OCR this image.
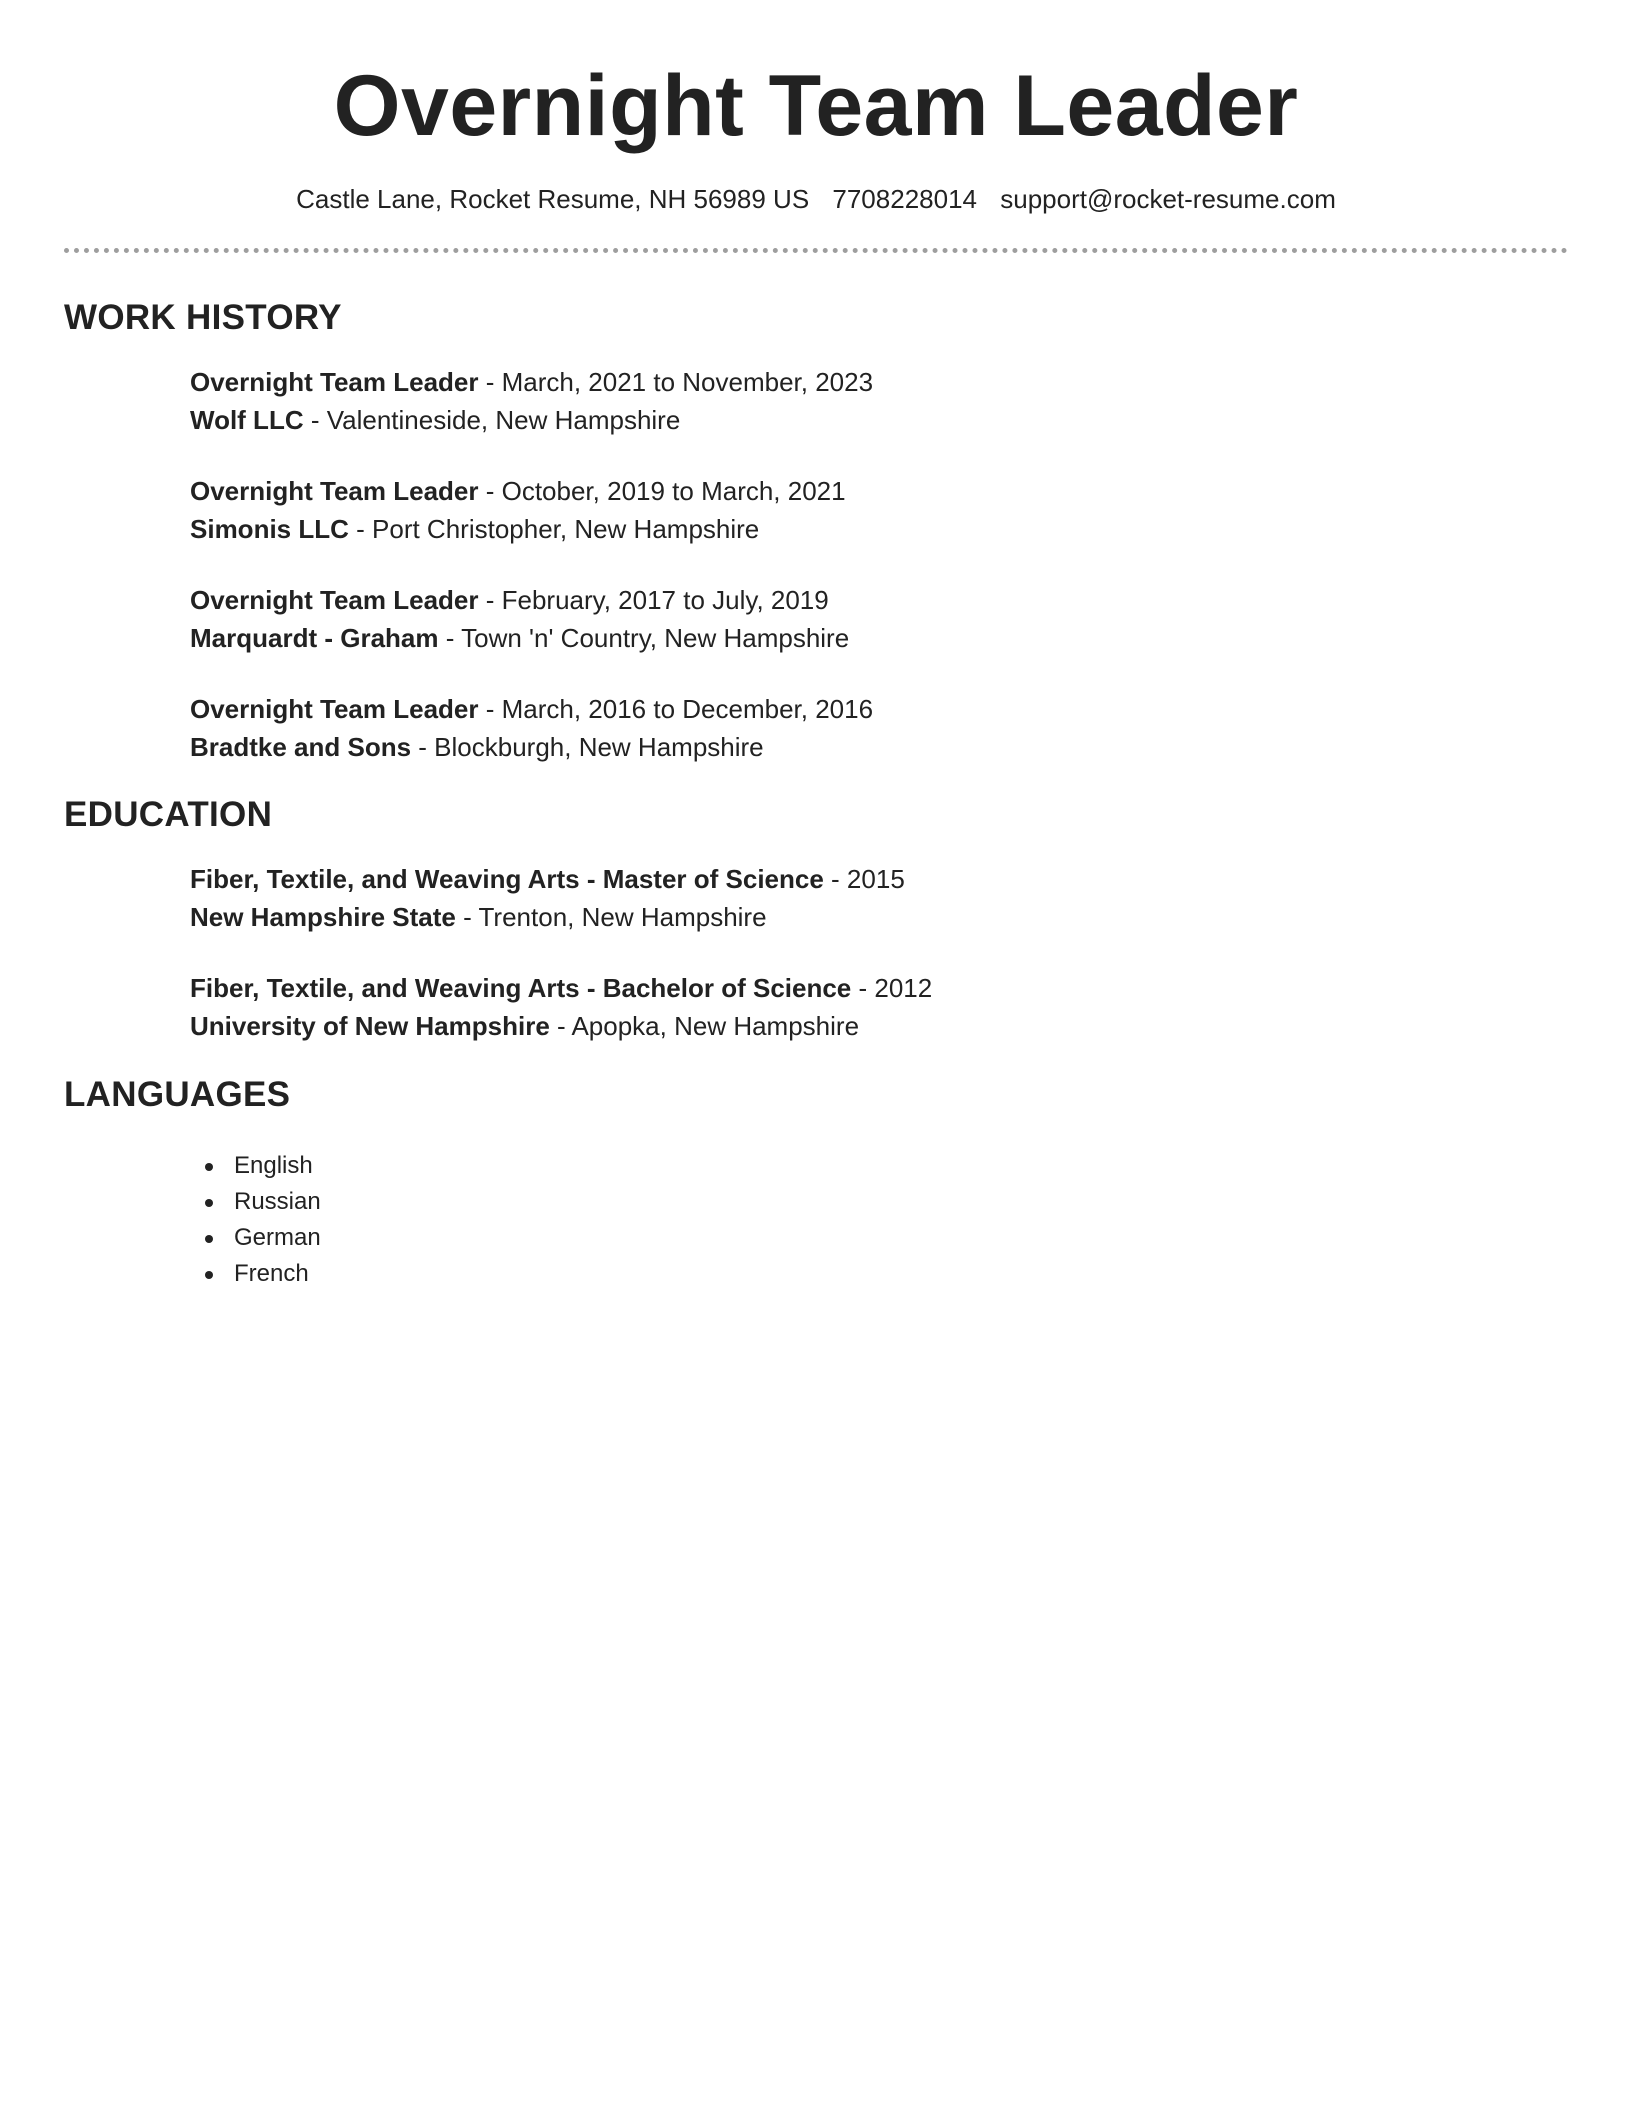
Overnight Team Leader
Castle Lane, Rocket Resume, NH 56989 US 7708228014 support@rocket-resume.com
WORK HISTORY
Overnight Team Leader - March, 2021 to November, 2023
Wolf LLC - Valentineside, New Hampshire
Overnight Team Leader - October, 2019 to March, 2021
Simonis LLC - Port Christopher, New Hampshire
Overnight Team Leader - February, 2017 to July, 2019
Marquardt - Graham - Town 'n' Country, New Hampshire
Overnight Team Leader - March, 2016 to December, 2016
Bradtke and Sons - Blockburgh, New Hampshire
EDUCATION
Fiber, Textile, and Weaving Arts - Master of Science - 2015
New Hampshire State - Trenton, New Hampshire
Fiber, Textile, and Weaving Arts - Bachelor of Science - 2012
University of New Hampshire - Apopka, New Hampshire
LANGUAGES
English
Russian
German
French
